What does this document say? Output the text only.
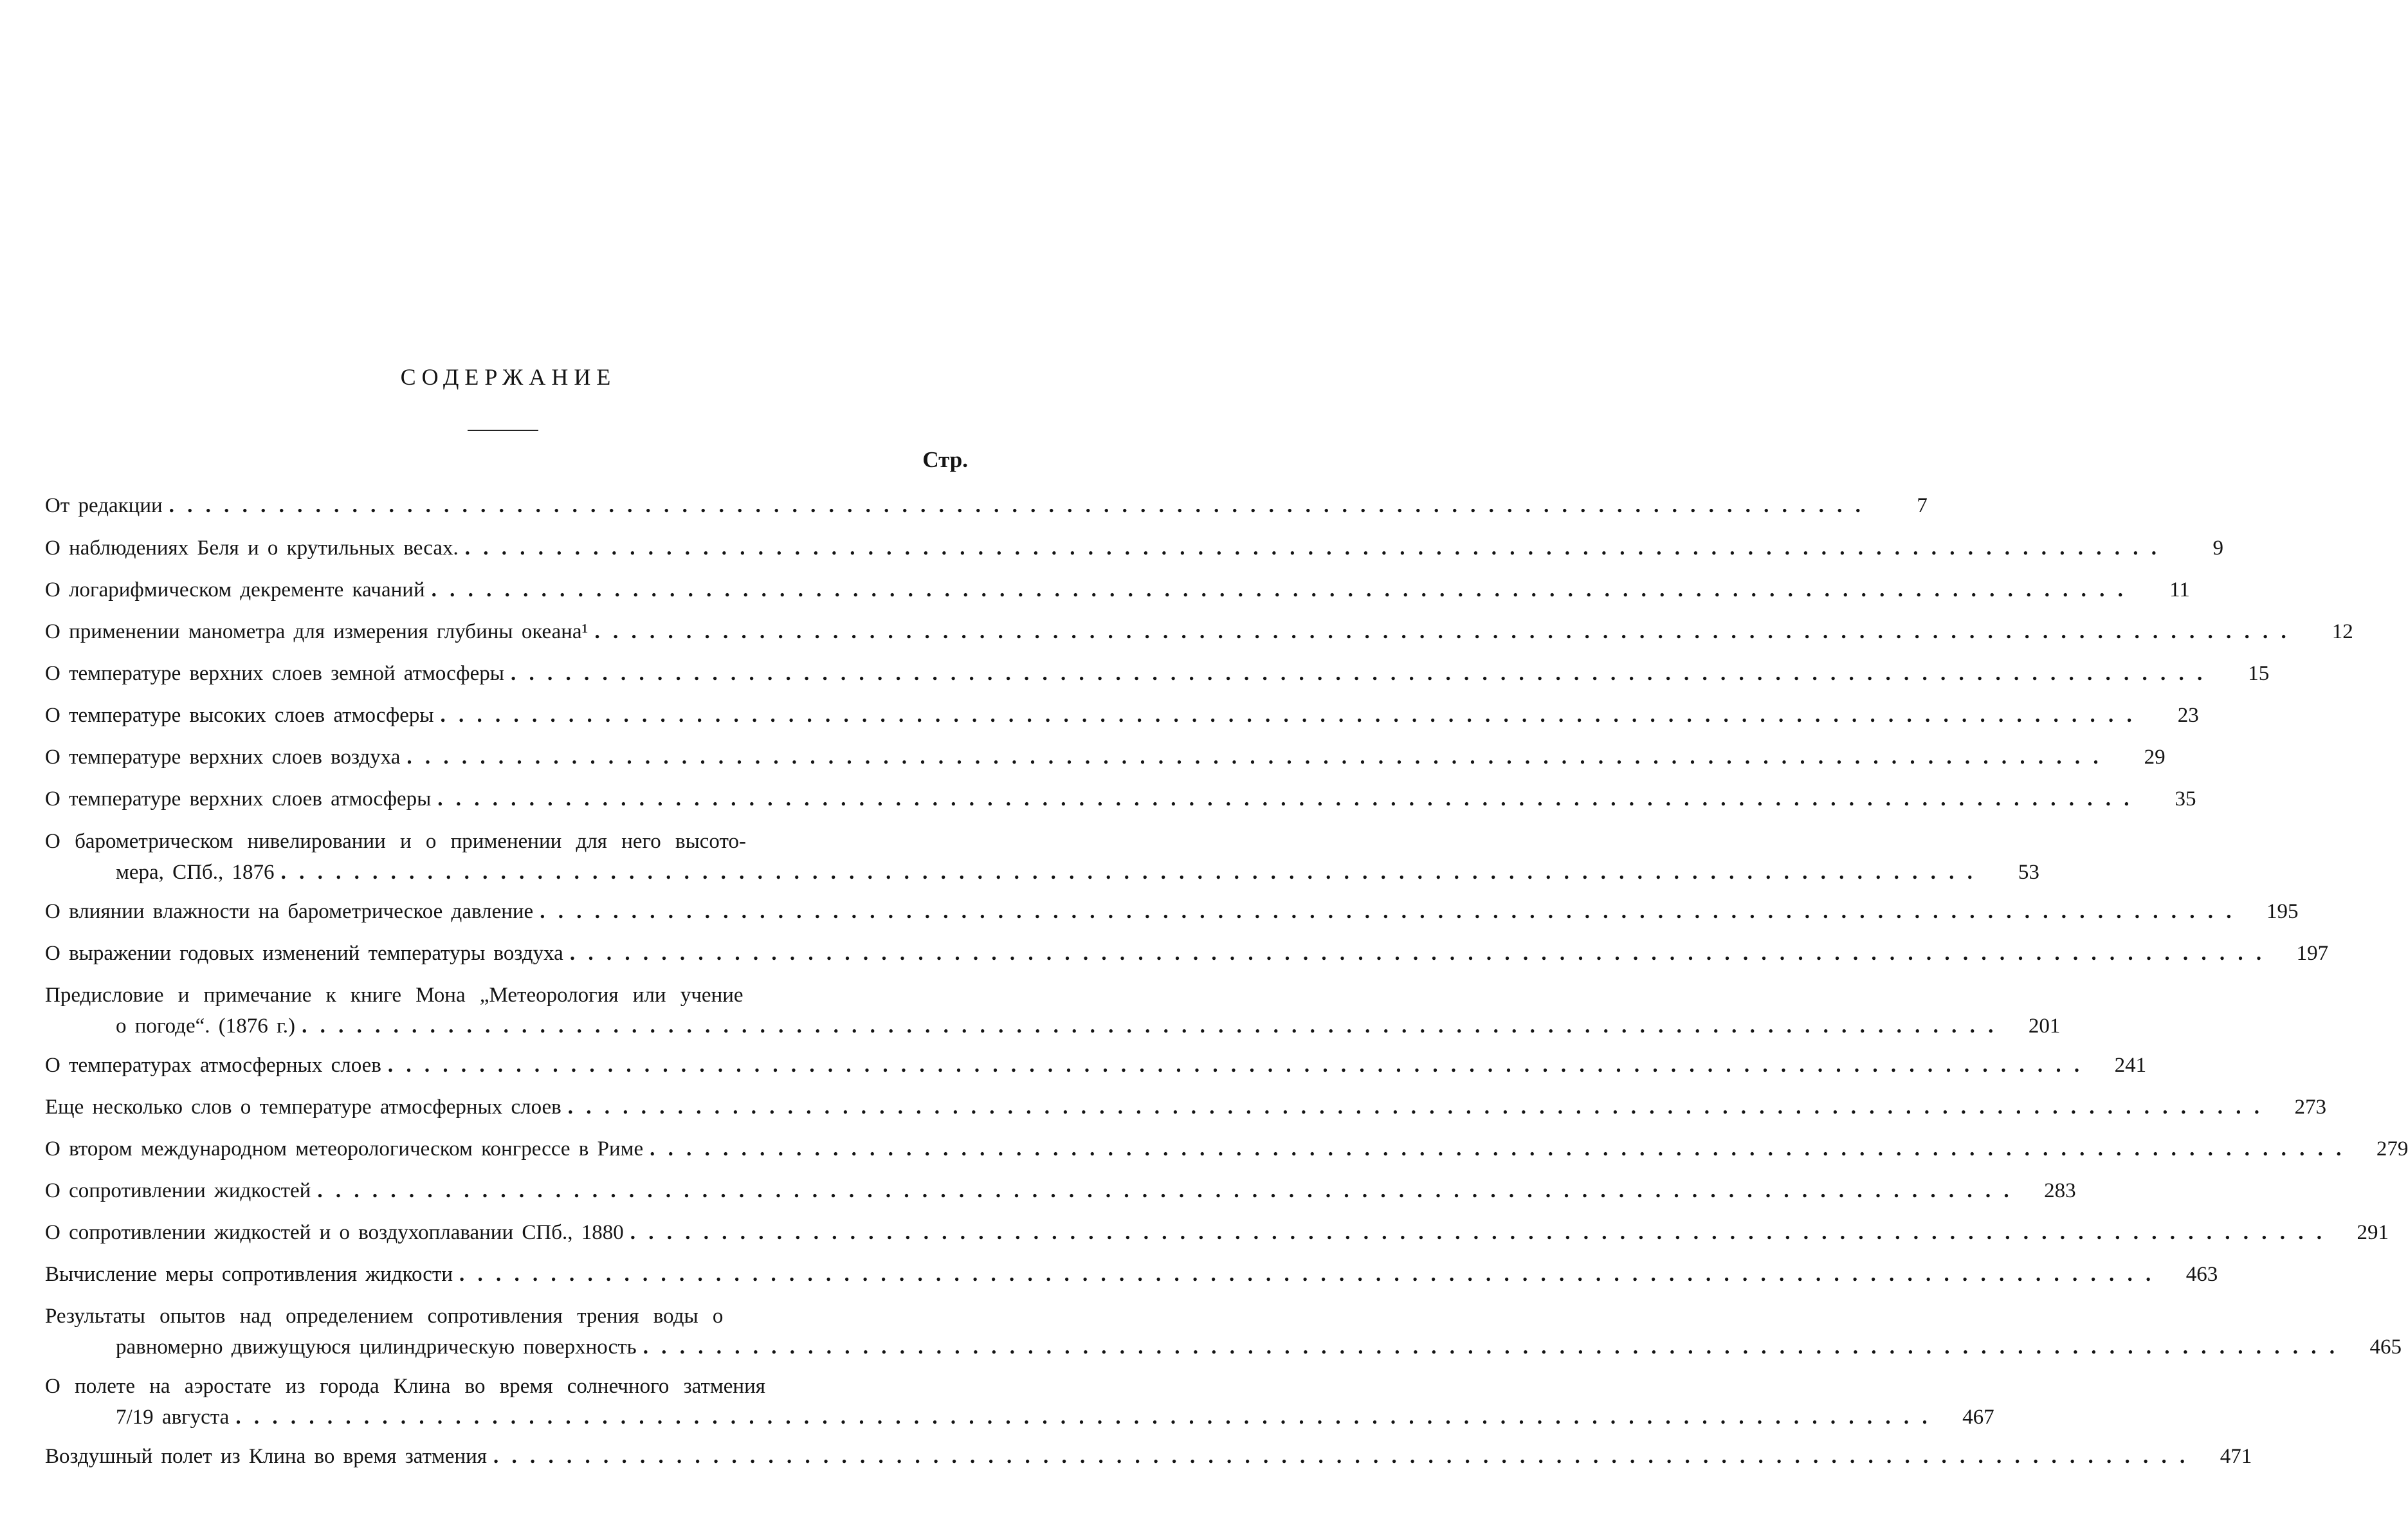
СОДЕРЖАНИЕ
Стр.
От редакции . . .	7
О наблюдениях Беля и о крутильных весах. . . .	9
О логарифмическом декременте качаний . . .	11
О применении манометра для измерения глубины океана¹ . . .	12
О температуре верхних слоев земной атмосферы . . .	15
О температуре высоких слоев атмосферы . . .	23
О температуре верхних слоев воздуха . . .	29
О температуре верхних слоев атмосферы . . .	35
О барометрическом нивелировании и о применении для него высото-
мера, СПб., 1876 . . .	53
О влиянии влажности на барометрическое давление . . .	195
О выражении годовых изменений температуры воздуха . . .	197
Предисловие и примечание к книге Мона „Метеорология или учение
о погоде“. (1876 г.) . . .	201
О температурах атмосферных слоев . . .	241
Еще несколько слов о температуре атмосферных слоев . . .	273
О втором международном метеорологическом конгрессе в Риме . . .	279
О сопротивлении жидкостей . . .	283
О сопротивлении жидкостей и о воздухоплавании СПб., 1880 . . .	291
Вычисление меры сопротивления жидкости . . .	463
Результаты опытов над определением сопротивления трения воды о
равномерно движущуюся цилиндрическую поверхность . . .	465
О полете на аэростате из города Клина во время солнечного затмения
7/19 августа . . .	467
Воздушный полет из Клина во время затмения . . .	471
